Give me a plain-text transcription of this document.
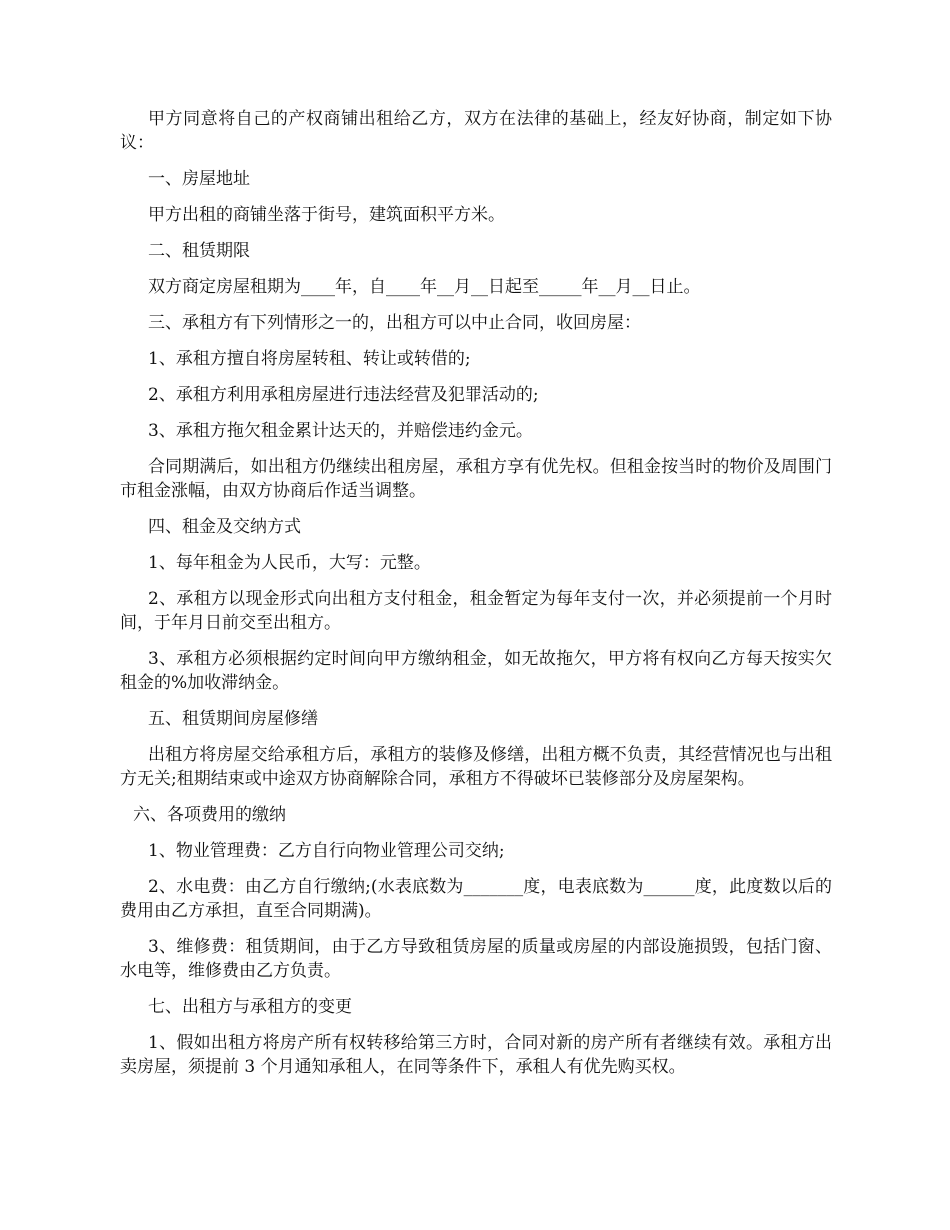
甲方同意将自己的产权商铺出租给乙方，双方在法律的基础上，经友好协商，制定如下协议：

一、房屋地址

甲方出租的商铺坐落于街号，建筑面积平方米。

二、租赁期限

双方商定房屋租期为____年，自____年__月__日起至_____年__月__日止。

三、承租方有下列情形之一的，出租方可以中止合同，收回房屋：

1、承租方擅自将房屋转租、转让或转借的;

2、承租方利用承租房屋进行违法经营及犯罪活动的;

3、承租方拖欠租金累计达天的，并赔偿违约金元。

合同期满后，如出租方仍继续出租房屋，承租方享有优先权。但租金按当时的物价及周围门市租金涨幅，由双方协商后作适当调整。

四、租金及交纳方式

1、每年租金为人民币，大写：元整。

2、承租方以现金形式向出租方支付租金，租金暂定为每年支付一次，并必须提前一个月时间，于年月日前交至出租方。

3、承租方必须根据约定时间向甲方缴纳租金，如无故拖欠，甲方将有权向乙方每天按实欠租金的%加收滞纳金。

五、租赁期间房屋修缮

出租方将房屋交给承租方后，承租方的装修及修缮，出租方概不负责，其经营情况也与出租方无关;租期结束或中途双方协商解除合同，承租方不得破坏已装修部分及房屋架构。

六、各项费用的缴纳

1、物业管理费：乙方自行向物业管理公司交纳;

2、水电费：由乙方自行缴纳;(水表底数为_______度，电表底数为______度，此度数以后的费用由乙方承担，直至合同期满)。

3、维修费：租赁期间，由于乙方导致租赁房屋的质量或房屋的内部设施损毁，包括门窗、水电等，维修费由乙方负责。

七、出租方与承租方的变更

1、假如出租方将房产所有权转移给第三方时，合同对新的房产所有者继续有效。承租方出卖房屋，须提前 3 个月通知承租人，在同等条件下，承租人有优先购买权。
